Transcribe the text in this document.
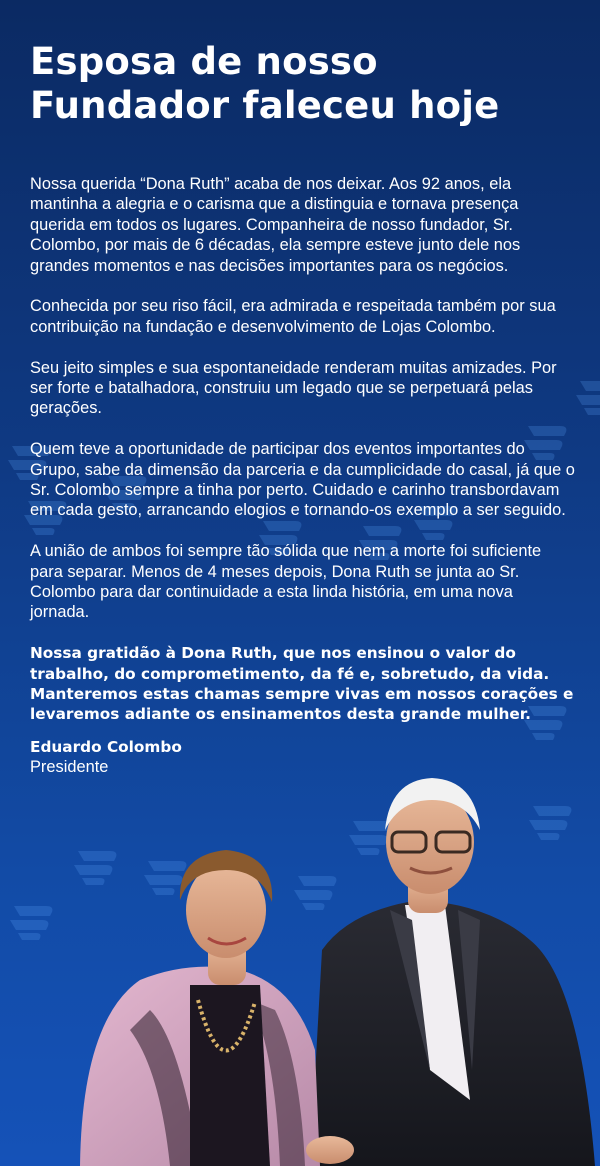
Esposa de nosso
Fundador faleceu hoje

Nossa querida “Dona Ruth” acaba de nos deixar. Aos 92 anos, ela mantinha a alegria e o carisma que a distinguia e tornava presença querida em todos os lugares. Companheira de nosso fundador, Sr. Colombo, por mais de 6 décadas, ela sempre esteve junto dele nos grandes momentos e nas decisões importantes para os negócios.

Conhecida por seu riso fácil, era admirada e respeitada também por sua contribuição na fundação e desenvolvimento de Lojas Colombo.

Seu jeito simples e sua espontaneidade renderam muitas amizades. Por ser forte e batalhadora, construiu um legado que se perpetuará pelas gerações.

Quem teve a oportunidade de participar dos eventos importantes do Grupo, sabe da dimensão da parceria e da cumplicidade do casal, já que o Sr. Colombo sempre a tinha por perto. Cuidado e carinho transbordavam em cada gesto, arrancando elogios e tornando-os exemplo a ser seguido.

A união de ambos foi sempre tão sólida que nem a morte foi suficiente para separar. Menos de 4 meses depois, Dona Ruth se junta ao Sr. Colombo para dar continuidade a esta linda história, em uma nova jornada.

Nossa gratidão à Dona Ruth, que nos ensinou o valor do trabalho, do comprometimento, da fé e, sobretudo, da vida. Manteremos estas chamas sempre vivas em nossos corações e levaremos adiante os ensinamentos desta grande mulher.

Eduardo Colombo
Presidente
